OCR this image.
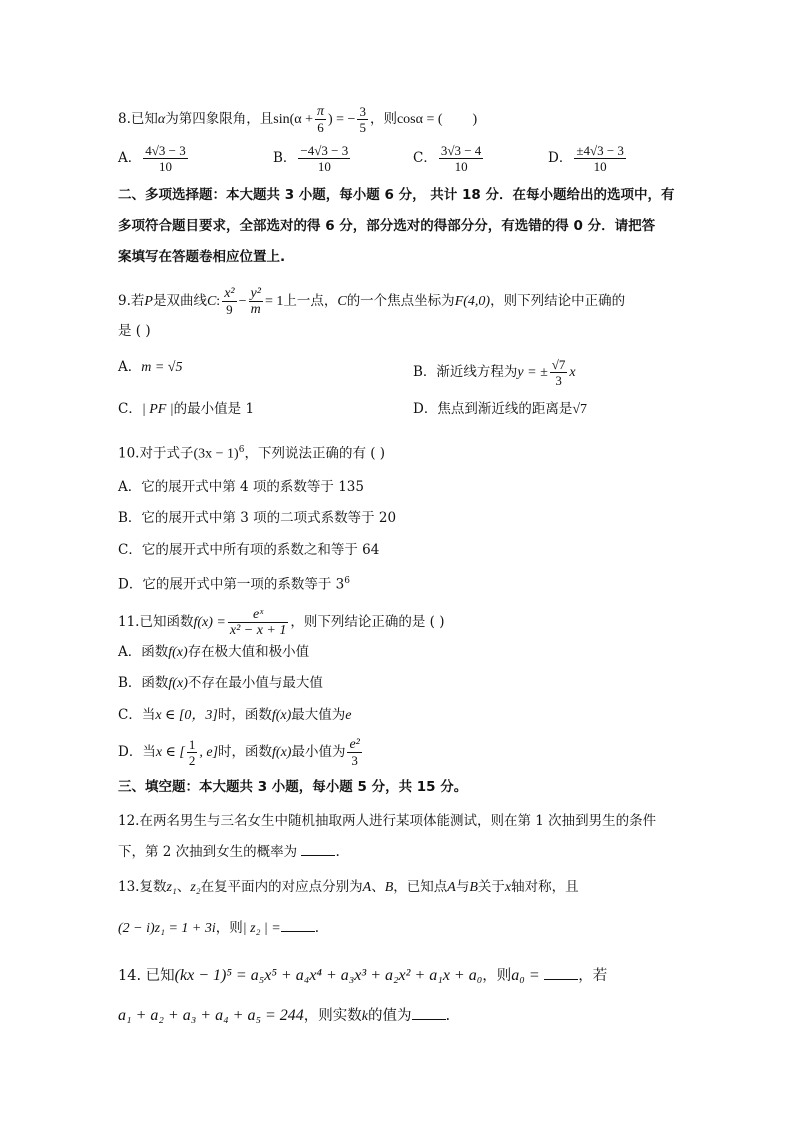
8.已知α为第四象限角，且$\sin(\alpha + \frac{\pi}{6}$ ) = − $\frac{3}{5}$ ，则cosα = ( )
A． $\frac{4√3 - 3}{10}$	B． $\frac{-4√3 - 3}{10}$	C． $\frac{3√3 - 4}{10}$	D． $\frac{\pm 4√3 - 3}{10}$
二、多项选择题：本大题共 3 小题，每小题 6 分， 共计 18 分．在每小题给出的选项中，有
多项符合题目要求，全部选对的得 6 分，部分选对的得部分分，有选错的得 0 分．请把答
案填写在答题卷相应位置上.
9.若P是双曲线C: $\frac{\text{x²}}{9} - \frac{\text{y²}}{m} = 1$上一点，C的一个焦点坐标为F(4,0)，则下列结论中正确的
是 ( )
A．m = √5	B．渐近线方程为y = ± $\frac{√7}{3}$ x
C．| PF |的最小值是 1	D．焦点到渐近线的距离是√7
10.对于式子$(3x - 1)^6$，下列说法正确的有 ( )
A．它的展开式中第 4 项的系数等于 135
B．它的展开式中第 3 项的二项式系数等于 20
C．它的展开式中所有项的系数之和等于 64
D．它的展开式中第一项的系数等于 $3^6$
11.已知函数$f(x) = \frac{\text{eˣ}}{\text{x² − x + 1}}$ ，则下列结论正确的是 ( )
A．函数f(x)存在极大值和极小值
B．函数f(x)不存在最小值与最大值
C．当x ∈ [0，3]时，函数f(x)最大值为e
D．当x ∈ [ $\frac{1}{2}$ , e]时，函数f(x)最小值为 $\frac{\text{e²}}{3}$
三、填空题：本大题共 3 小题，每小题 5 分，共 15 分。
12.在两名男生与三名女生中随机抽取两人进行某项体能测试，则在第 1 次抽到男生的条件
下，第 2 次抽到女生的概率为	.
13.复数z₁、z₂在复平面内的对应点分别为A、B，已知点A与B关于x轴对称，且
(2 − i)z₁ = 1 + 3i，则| z₂ | =	.
14. 已知(kx − 1)⁵ = a₅x⁵ + a₄x⁴ + a₃x³ + a₂x² + a₁x + a₀，则a₀ =	，若
a₁ + a₂ + a₃ + a₄ + a₅ = 244，则实数k的值为 .
